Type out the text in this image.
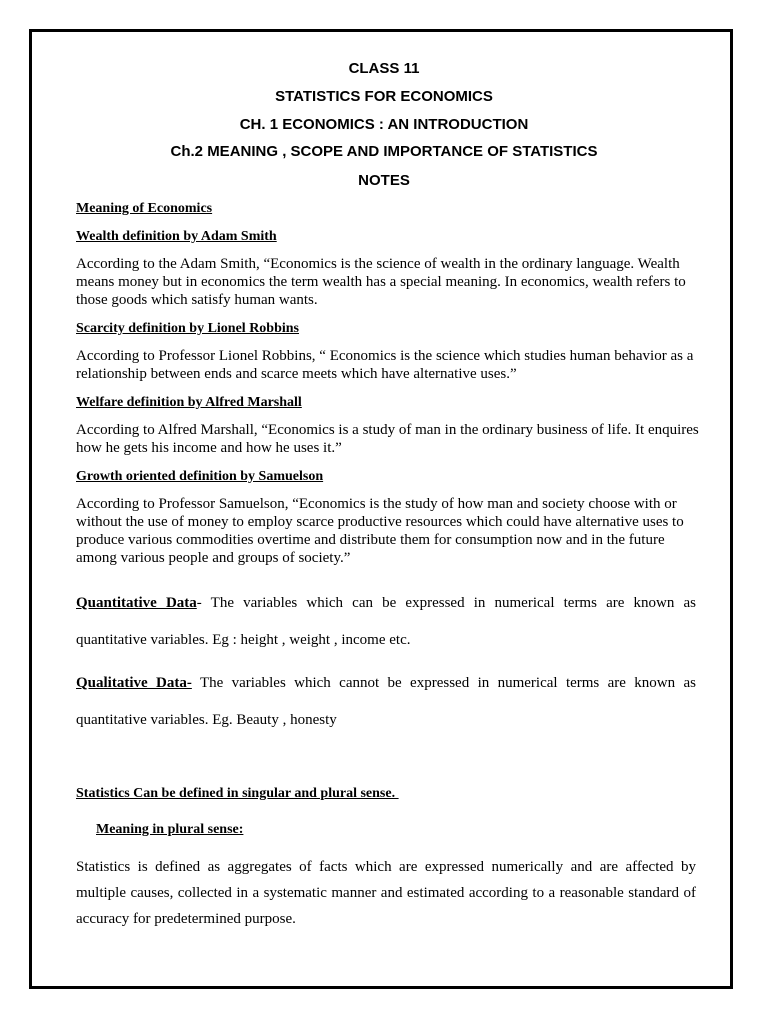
CLASS 11
STATISTICS FOR ECONOMICS
CH. 1 ECONOMICS : AN INTRODUCTION
Ch.2 MEANING , SCOPE AND IMPORTANCE OF STATISTICS
NOTES
Meaning of Economics
Wealth definition by Adam Smith
According to the Adam Smith, “Economics is the science of wealth in the ordinary language. Wealth means money but in economics the term wealth has a special meaning. In economics, wealth refers to those goods which satisfy human wants.
Scarcity definition by Lionel Robbins
According to Professor Lionel Robbins, “ Economics is the science which studies human behavior as a relationship between ends and scarce meets which have alternative uses.”
Welfare definition by Alfred Marshall
According to Alfred Marshall, “Economics is a study of man in the ordinary business of life. It enquires how he gets his income and how he uses it.”
Growth oriented definition by Samuelson
According to Professor Samuelson, “Economics is the study of how man and society choose with or without the use of money to employ scarce productive resources which could have alternative uses to produce various commodities overtime and distribute them for consumption now and in the future among various people and groups of society.”
Quantitative Data- The variables which can be expressed in numerical terms are known as
quantitative variables. Eg : height , weight , income etc.
Qualitative Data- The variables which cannot be expressed in numerical terms are known as
quantitative variables. Eg. Beauty , honesty
Statistics Can be defined in singular and plural sense.
Meaning in plural sense:
Statistics is defined as aggregates of facts which are expressed numerically and are affected by multiple causes, collected in a systematic manner and estimated according to a reasonable standard of accuracy for predetermined purpose.
